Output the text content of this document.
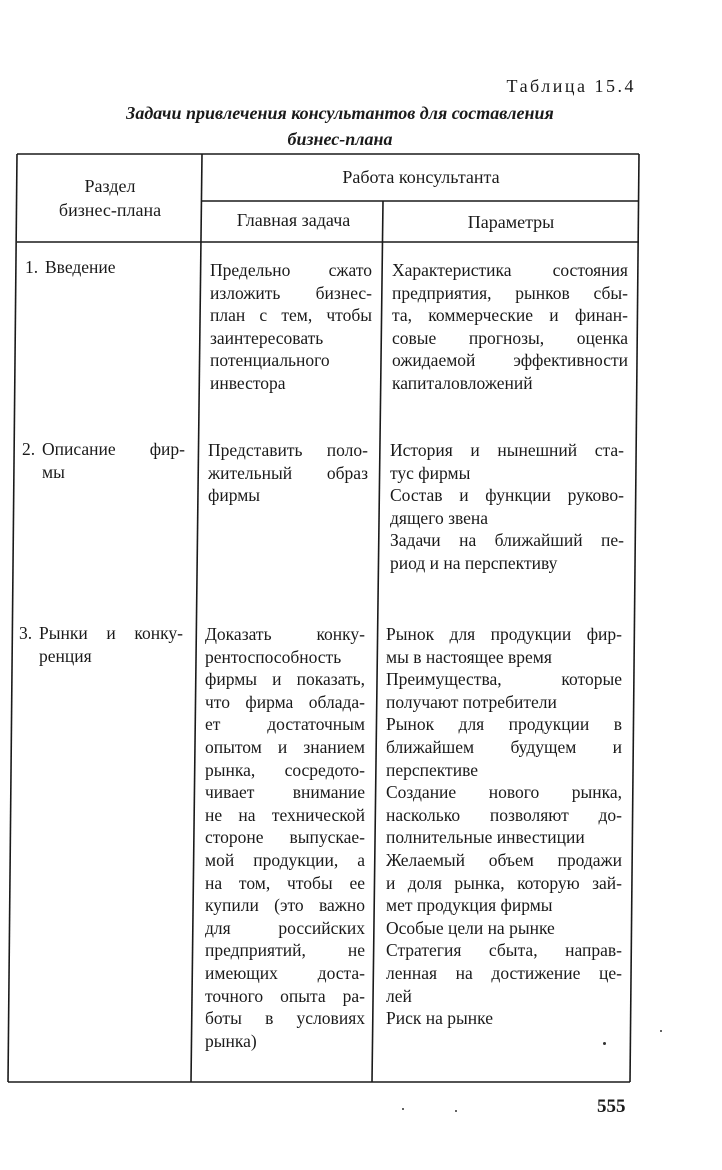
Таблица 15.4
Задачи привлечения консультантов для составления
бизнес-плана
Раздел
бизнес-плана
Работа консультанта
Главная задача	Параметры
1. Введение	Предельно сжато
изложить бизнес-
план с тем, чтобы
заинтересовать
потенциального
инвестора
Характеристика состояния
предприятия, рынков сбы-
та, коммерческие и финан-
совые прогнозы, оценка
ожидаемой эффективности
капиталовложений
2. Описание фир-
мы
Представить поло-
жительный образ
фирмы
История и нынешний ста-
тус фирмы
Состав и функции руково-
дящего звена
Задачи на ближайший пе-
риод и на перспективу
3. Рынки и конку-
ренция
Доказать конку-
рентоспособность
фирмы и показать,
что фирма облада-
ет достаточным
опытом и знанием
рынка, сосредото-
чивает внимание
не на технической
стороне выпускае-
мой продукции, а
на том, чтобы ее
купили (это важно
для российских
предприятий, не
имеющих доста-
точного опыта ра-
боты в условиях
рынка)
Рынок для продукции фир-
мы в настоящее время
Преимущества, которые
получают потребители
Рынок для продукции в
ближайшем будущем и
перспективе
Создание нового рынка,
насколько позволяют до-
полнительные инвестиции
Желаемый объем продажи
и доля рынка, которую зай-
мет продукция фирмы
Особые цели на рынке
Стратегия сбыта, направ-
ленная на достижение це-
лей
Риск на рынке
555
